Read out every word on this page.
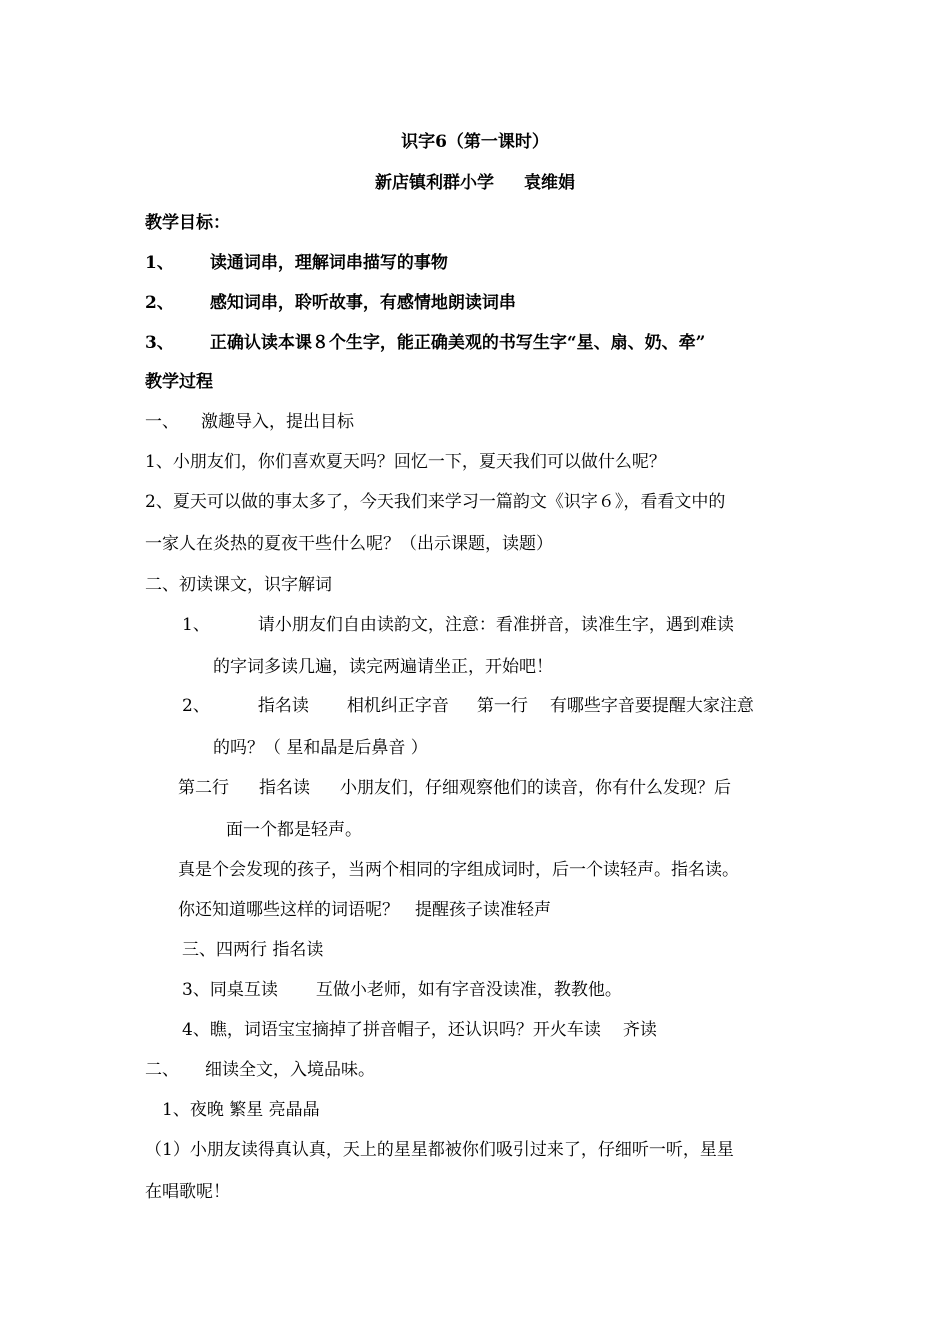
识字6（第一课时）
新店镇利群小学 袁维娟
教学目标：
1、 读通词串，理解词串描写的事物
2、 感知词串，聆听故事，有感情地朗读词串
3、 正确认读本课８个生字，能正确美观的书写生字“星、扇、奶、牵”
教学过程
一、 激趣导入，提出目标
1、小朋友们，你们喜欢夏天吗？回忆一下，夏天我们可以做什么呢？
2、夏天可以做的事太多了，今天我们来学习一篇韵文《识字６》，看看文中的
一家人在炎热的夏夜干些什么呢？（出示课题，读题）
二、初读课文，识字解词
1、	请小朋友们自由读韵文，注意：看准拼音，读准生字，遇到难读
的字词多读几遍，读完两遍请坐正，开始吧！
2、	指名读 相机纠正字音 第一行 有哪些字音要提醒大家注意
的吗？（ 星和晶是后鼻音 ）
第二行 指名读 小朋友们，仔细观察他们的读音，你有什么发现？后
面一个都是轻声。
真是个会发现的孩子，当两个相同的字组成词时，后一个读轻声。指名读。
你还知道哪些这样的词语呢？ 提醒孩子读准轻声
三、四两行 指名读
3、同桌互读 互做小老师，如有字音没读准，教教他。
4、瞧，词语宝宝摘掉了拼音帽子，还认识吗？开火车读 齐读
二、 细读全文，入境品味。
1、夜晚 繁星 亮晶晶
（1）小朋友读得真认真，天上的星星都被你们吸引过来了，仔细听一听，星星
在唱歌呢！
